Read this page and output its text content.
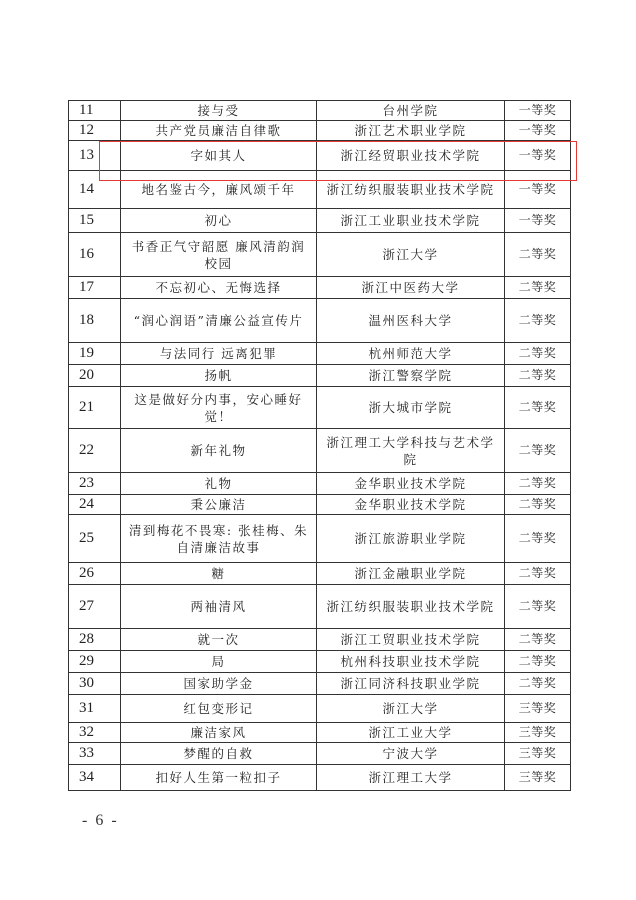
11	接与受	台州学院	一等奖
12	共产党员廉洁自律歌	浙江艺术职业学院	一等奖
13	字如其人	浙江经贸职业技术学院	一等奖
14	地名鉴古今，廉风颂千年	浙江纺织服装职业技术学院	一等奖
15	初心	浙江工业职业技术学院	一等奖
16	书香正气守韶愿 廉风清韵润校园	浙江大学	二等奖
17	不忘初心、无悔选择	浙江中医药大学	二等奖
18	“润心润语”清廉公益宣传片	温州医科大学	二等奖
19	与法同行 远离犯罪	杭州师范大学	二等奖
20	扬帆	浙江警察学院	二等奖
21	这是做好分内事，安心睡好觉！	浙大城市学院	二等奖
22	新年礼物	浙江理工大学科技与艺术学院	二等奖
23	礼物	金华职业技术学院	二等奖
24	秉公廉洁	金华职业技术学院	二等奖
25	清到梅花不畏寒: 张桂梅、朱自清廉洁故事	浙江旅游职业学院	二等奖
26	糖	浙江金融职业学院	二等奖
27	两袖清风	浙江纺织服装职业技术学院	二等奖
28	就一次	浙江工贸职业技术学院	二等奖
29	局	杭州科技职业技术学院	二等奖
30	国家助学金	浙江同济科技职业学院	二等奖
31	红包变形记	浙江大学	三等奖
32	廉洁家风	浙江工业大学	三等奖
33	梦醒的自救	宁波大学	三等奖
34	扣好人生第一粒扣子	浙江理工大学	三等奖
- 6 -
